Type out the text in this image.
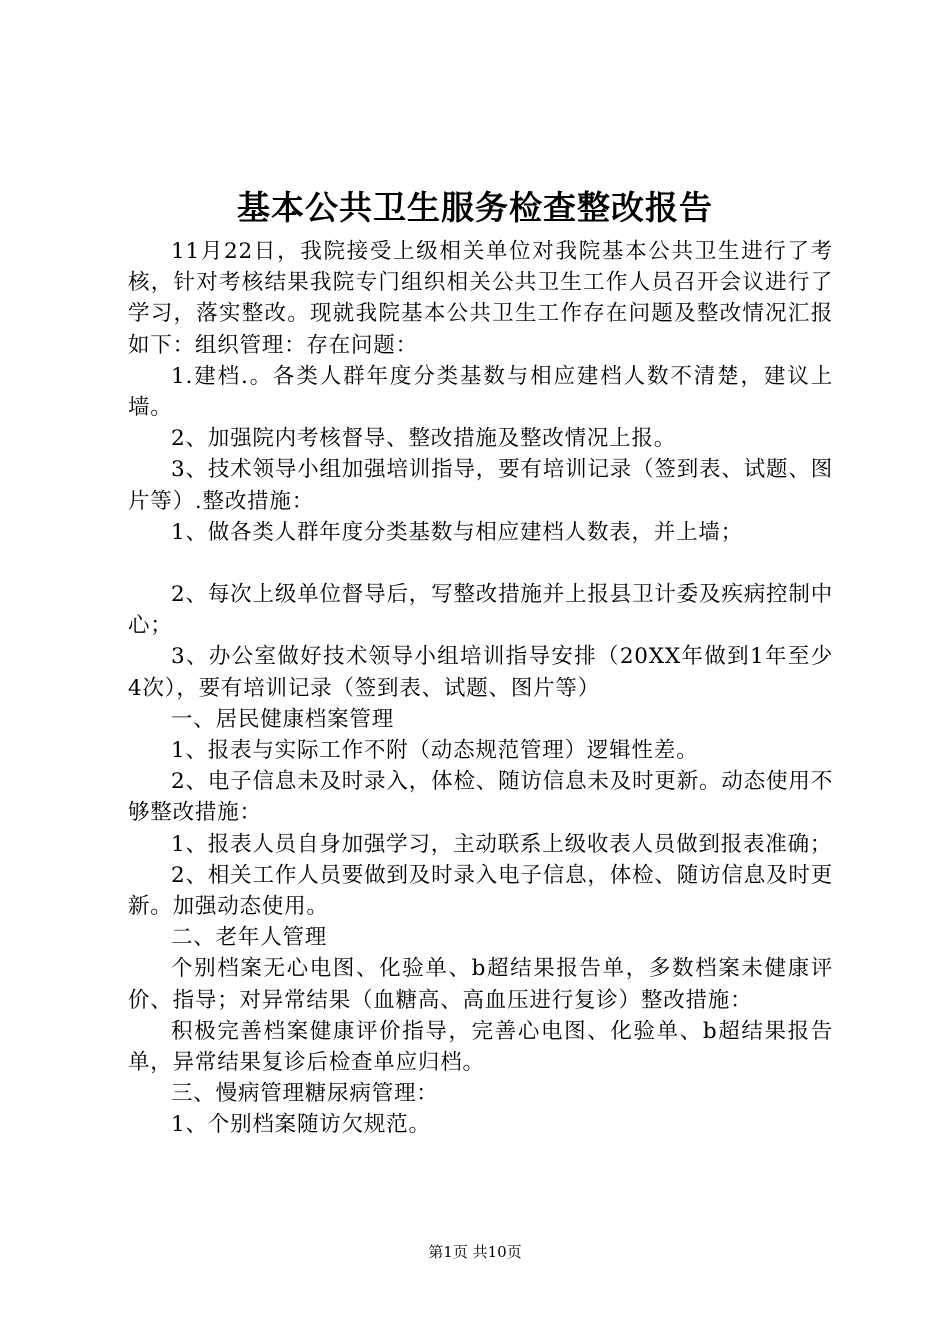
基本公共卫生服务检查整改报告

11月22日，我院接受上级相关单位对我院基本公共卫生进行了考核，针对考核结果我院专门组织相关公共卫生工作人员召开会议进行了学习，落实整改。现就我院基本公共卫生工作存在问题及整改情况汇报如下：组织管理：存在问题：

1.建档.。各类人群年度分类基数与相应建档人数不清楚，建议上墙。

2、加强院内考核督导、整改措施及整改情况上报。

3、技术领导小组加强培训指导，要有培训记录（签到表、试题、图片等）.整改措施：

1、做各类人群年度分类基数与相应建档人数表，并上墙；

2、每次上级单位督导后，写整改措施并上报县卫计委及疾病控制中心；

3、办公室做好技术领导小组培训指导安排（20XX年做到1年至少4次），要有培训记录（签到表、试题、图片等）

一、居民健康档案管理

1、报表与实际工作不附（动态规范管理）逻辑性差。

2、电子信息未及时录入，体检、随访信息未及时更新。动态使用不够整改措施：

1、报表人员自身加强学习，主动联系上级收表人员做到报表准确；

2、相关工作人员要做到及时录入电子信息，体检、随访信息及时更新。加强动态使用。

二、老年人管理

个别档案无心电图、化验单、b超结果报告单，多数档案未健康评价、指导；对异常结果（血糖高、高血压进行复诊）整改措施：

积极完善档案健康评价指导，完善心电图、化验单、b超结果报告单，异常结果复诊后检查单应归档。

三、慢病管理糖尿病管理：

1、个别档案随访欠规范。

第1页 共10页
